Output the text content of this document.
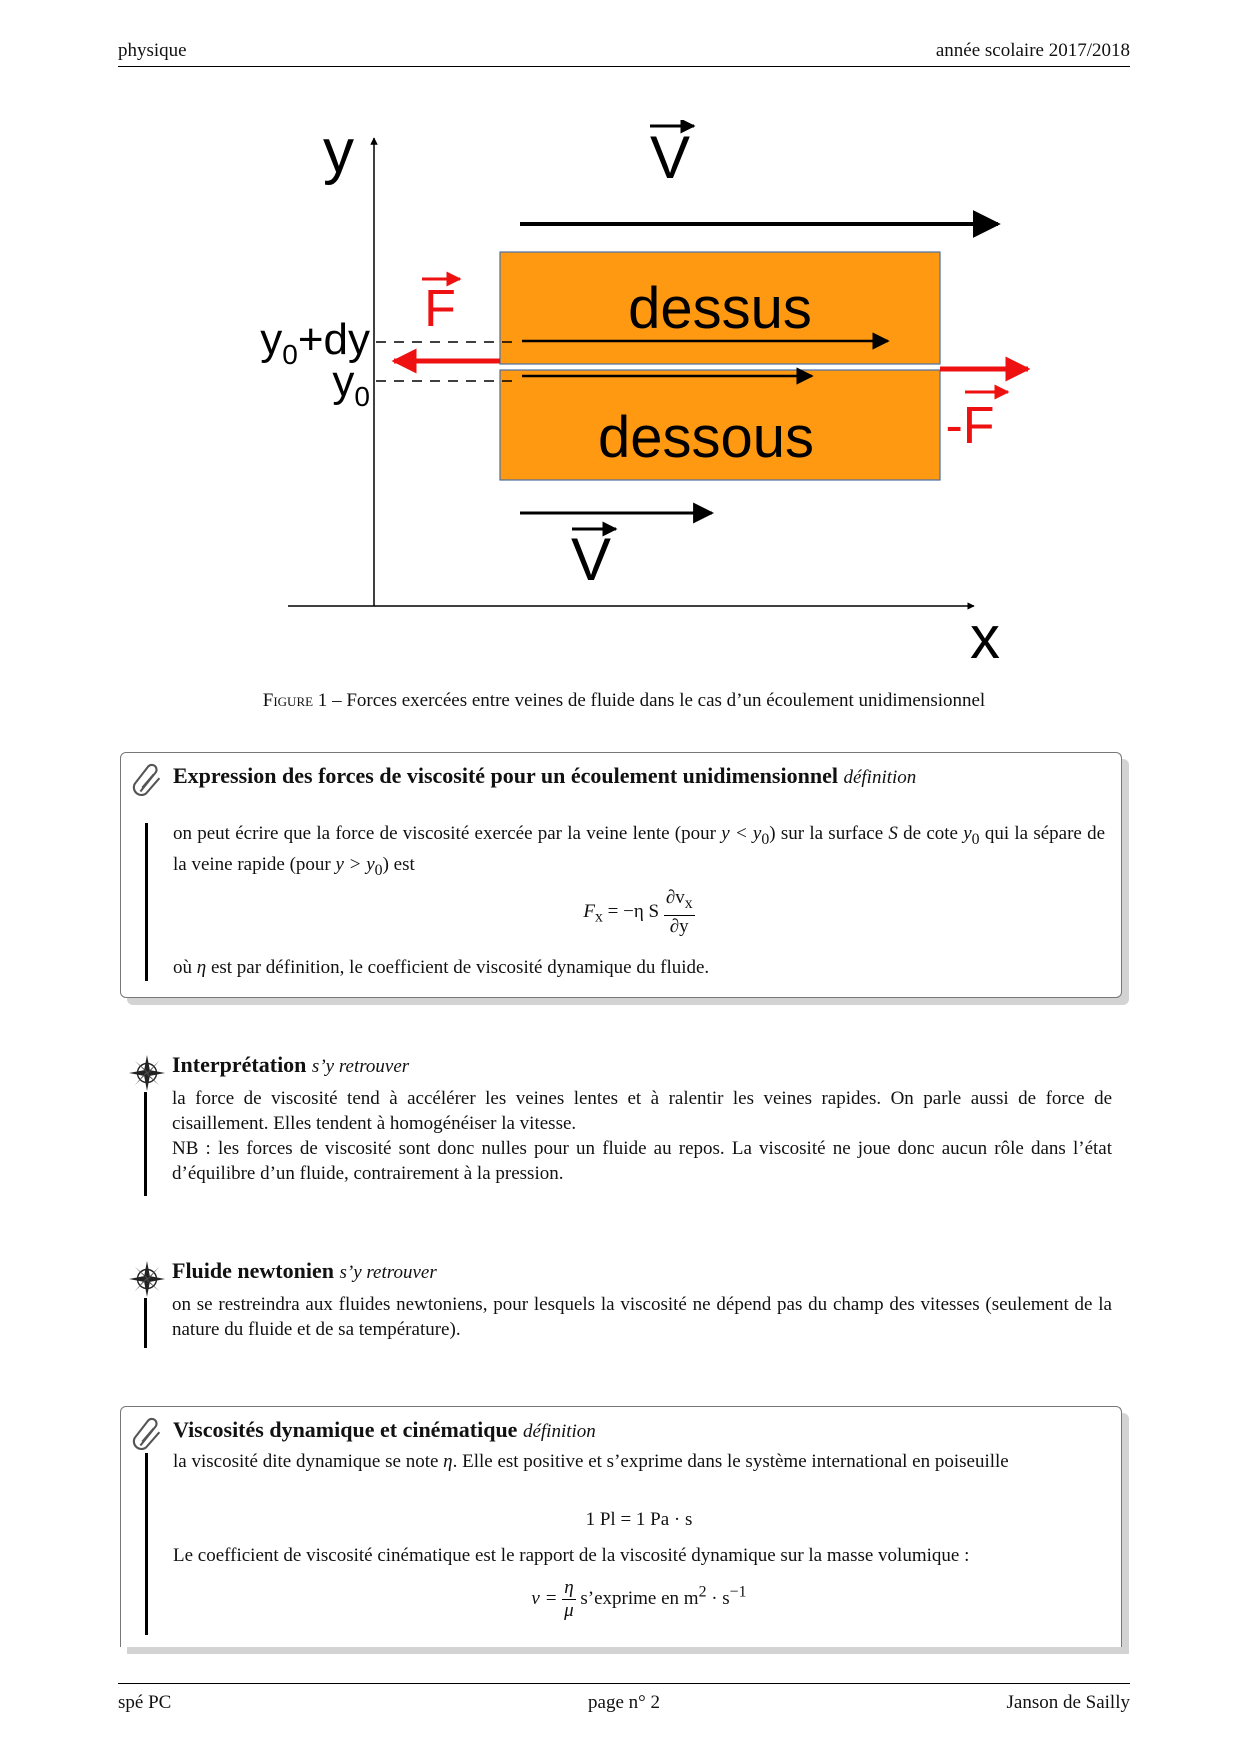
physique	année scolaire 2017/2018
y
x
dessus
dessous
$y_0+dy$
$y_0$
V
V
F
-F
Figure 1 – Forces exercées entre veines de fluide dans le cas d’un écoulement unidimensionnel
Expression des forces de viscosité pour un écoulement unidimensionnel définition
on peut écrire que la force de viscosité exercée par la veine lente (pour $y < y_0$) sur la surface S de cote $y_0$ qui la sépare de la veine rapide (pour $y > y_0$) est
$F_x = -\eta$ S $\frac{\partial v_x}{\partial y}$
où η est par définition, le coefficient de viscosité dynamique du fluide.
Interprétation s’y retrouver
la force de viscosité tend à accélérer les veines lentes et à ralentir les veines rapides. On parle aussi de force de cisaillement. Elles tendent à homogénéiser la vitesse.
NB : les forces de viscosité sont donc nulles pour un fluide au repos. La viscosité ne joue donc aucun rôle dans l’état d’équilibre d’un fluide, contrairement à la pression.
Fluide newtonien s’y retrouver
on se restreindra aux fluides newtoniens, pour lesquels la viscosité ne dépend pas du champ des vitesses (seulement de la nature du fluide et de sa température).
Viscosités dynamique et cinématique définition
la viscosité dite dynamique se note η. Elle est positive et s’exprime dans le système international en poiseuille
1 Pl = 1 Pa · s
Le coefficient de viscosité cinématique est le rapport de la viscosité dynamique sur la masse volumique :
$\nu = \frac{\eta}{\mu}$ s’exprime en $m^2 \cdot s^{-1}$
spé PC	page n° 2	Janson de Sailly
